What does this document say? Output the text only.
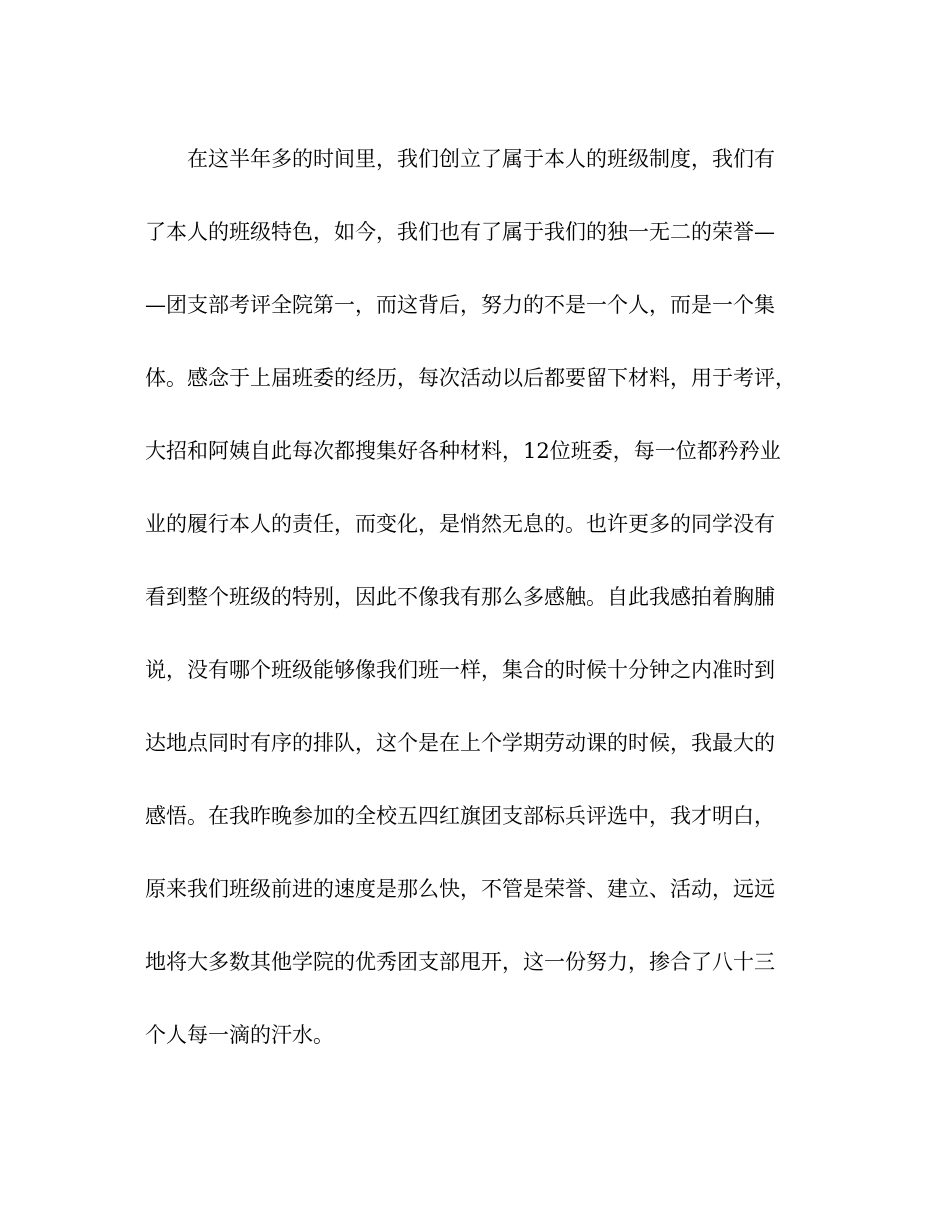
　　在这半年多的时间里，我们创立了属于本人的班级制度，我们有
了本人的班级特色，如今，我们也有了属于我们的独一无二的荣誉—
—团支部考评全院第一，而这背后，努力的不是一个人，而是一个集
体。感念于上届班委的经历，每次活动以后都要留下材料，用于考评，
大招和阿姨自此每次都搜集好各种材料，12位班委，每一位都矜矜业
业的履行本人的责任，而变化，是悄然无息的。也许更多的同学没有
看到整个班级的特别，因此不像我有那么多感触。自此我感拍着胸脯
说，没有哪个班级能够像我们班一样，集合的时候十分钟之内准时到
达地点同时有序的排队，这个是在上个学期劳动课的时候，我最大的
感悟。在我昨晚参加的全校五四红旗团支部标兵评选中，我才明白，
原来我们班级前进的速度是那么快，不管是荣誉、建立、活动，远远
地将大多数其他学院的优秀团支部甩开，这一份努力，掺合了八十三
个人每一滴的汗水。
